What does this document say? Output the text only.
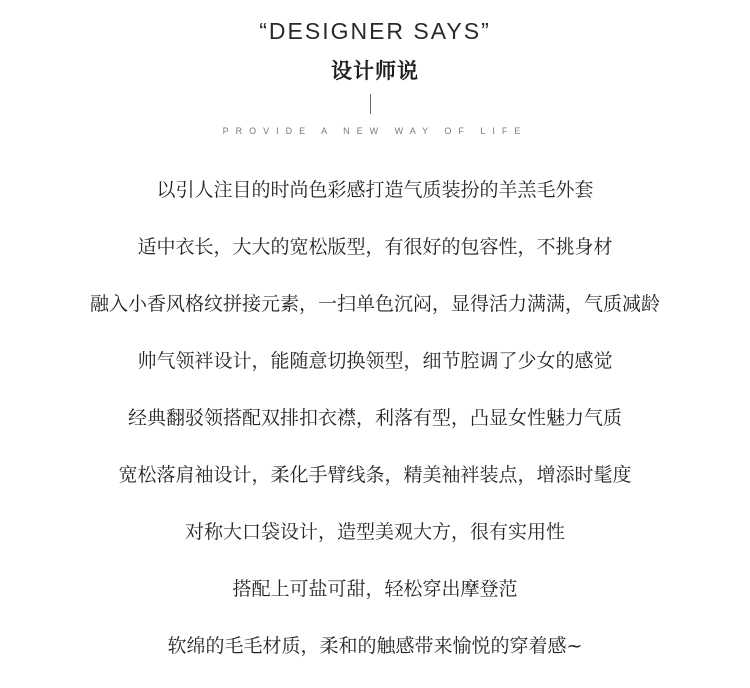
“DESIGNER SAYS”
设计师说
PROVIDE A NEW WAY OF LIFE
以引人注目的时尚色彩感打造气质装扮的羊羔毛外套
适中衣长，大大的宽松版型，有很好的包容性，不挑身材
融入小香风格纹拼接元素，一扫单色沉闷，显得活力满满，气质减龄
帅气领袢设计，能随意切换领型，细节腔调了少女的感觉
经典翻驳领搭配双排扣衣襟，利落有型，凸显女性魅力气质
宽松落肩袖设计，柔化手臂线条，精美袖袢装点，增添时髦度
对称大口袋设计，造型美观大方，很有实用性
搭配上可盐可甜，轻松穿出摩登范
软绵的毛毛材质，柔和的触感带来愉悦的穿着感~
